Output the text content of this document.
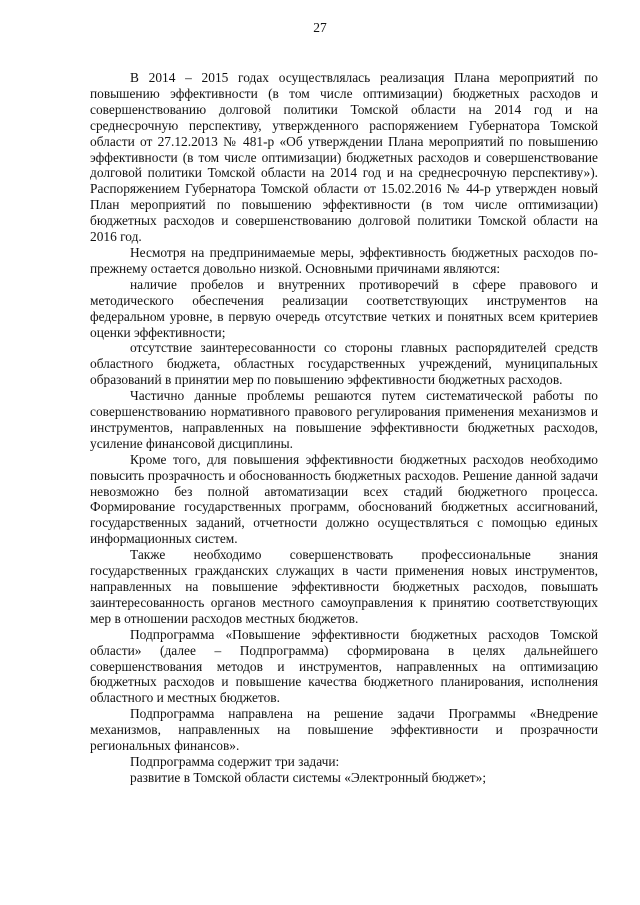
27

В 2014 – 2015 годах осуществлялась реализация Плана мероприятий по повышению эффективности (в том числе оптимизации) бюджетных расходов и совершенствованию долговой политики Томской области на 2014 год и на среднесрочную перспективу, утвержденного распоряжением Губернатора Томской области от 27.12.2013 № 481-р «Об утверждении Плана мероприятий по повышению эффективности (в том числе оптимизации) бюджетных расходов и совершенствование долговой политики Томской области на 2014 год и на среднесрочную перспективу»). Распоряжением Губернатора Томской области от 15.02.2016 № 44-р утвержден новый План мероприятий по повышению эффективности (в том числе оптимизации) бюджетных расходов и совершенствованию долговой политики Томской области на 2016 год.

Несмотря на предпринимаемые меры, эффективность бюджетных расходов по-прежнему остается довольно низкой. Основными причинами являются:

наличие пробелов и внутренних противоречий в сфере правового и методического обеспечения реализации соответствующих инструментов на федеральном уровне, в первую очередь отсутствие четких и понятных всем критериев оценки эффективности;

отсутствие заинтересованности со стороны главных распорядителей средств областного бюджета, областных государственных учреждений, муниципальных образований в принятии мер по повышению эффективности бюджетных расходов.

Частично данные проблемы решаются путем систематической работы по совершенствованию нормативного правового регулирования применения механизмов и инструментов, направленных на повышение эффективности бюджетных расходов, усиление финансовой дисциплины.

Кроме того, для повышения эффективности бюджетных расходов необходимо повысить прозрачность и обоснованность бюджетных расходов. Решение данной задачи невозможно без полной автоматизации всех стадий бюджетного процесса. Формирование государственных программ, обоснований бюджетных ассигнований, государственных заданий, отчетности должно осуществляться с помощью единых информационных систем.

Также необходимо совершенствовать профессиональные знания государственных гражданских служащих в части применения новых инструментов, направленных на повышение эффективности бюджетных расходов, повышать заинтересованность органов местного самоуправления к принятию соответствующих мер в отношении расходов местных бюджетов.

Подпрограмма «Повышение эффективности бюджетных расходов Томской области» (далее – Подпрограмма) сформирована в целях дальнейшего совершенствования методов и инструментов, направленных на оптимизацию бюджетных расходов и повышение качества бюджетного планирования, исполнения областного и местных бюджетов.

Подпрограмма направлена на решение задачи Программы «Внедрение механизмов, направленных на повышение эффективности и прозрачности региональных финансов».

Подпрограмма содержит три задачи:

развитие в Томской области системы «Электронный бюджет»;
